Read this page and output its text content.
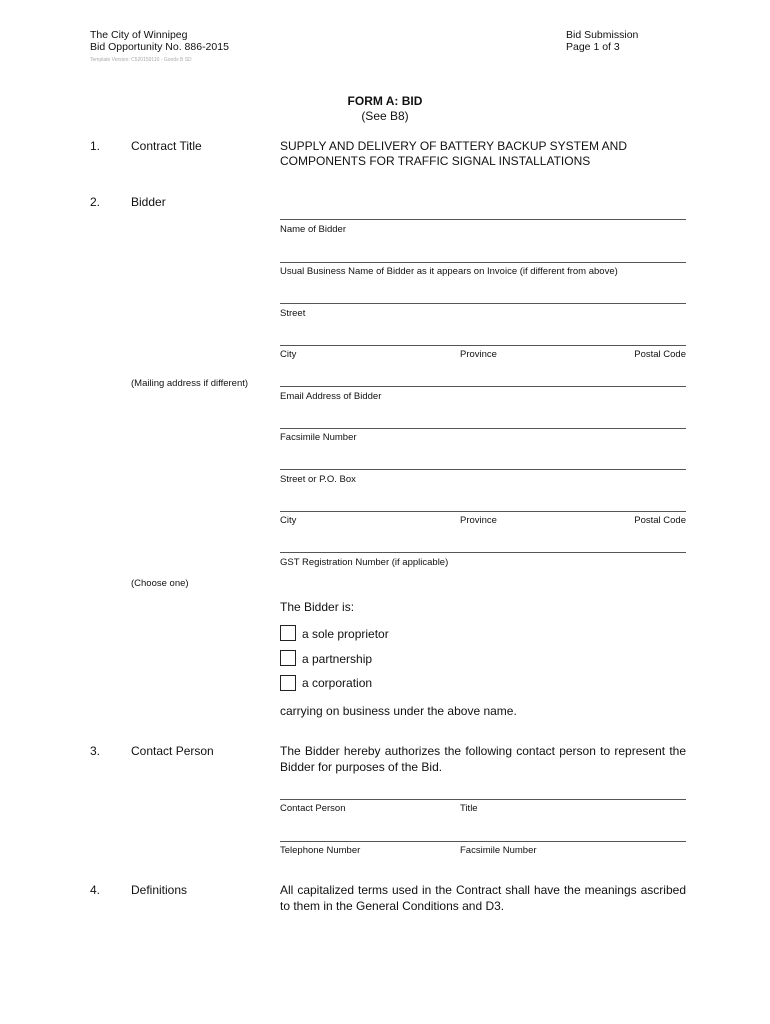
The City of Winnipeg
Bid Opportunity No. 886-2015
Template Version: C520150110 - Goods B SD
Bid Submission
Page 1 of 3
FORM A: BID
(See B8)
1.	Contract Title	SUPPLY AND DELIVERY OF BATTERY BACKUP SYSTEM AND
COMPONENTS FOR TRAFFIC SIGNAL INSTALLATIONS
2.	Bidder
Name of Bidder
Usual Business Name of Bidder as it appears on Invoice (if different from above)
Street
City	Province	Postal Code
(Mailing address if different)
Email Address of Bidder
Facsimile Number
Street or P.O. Box
City	Province	Postal Code
GST Registration Number (if applicable)
(Choose one)
The Bidder is:
a sole proprietor
a partnership
a corporation
carrying on business under the above name.
3.	Contact Person	The Bidder hereby authorizes the following contact person to represent the Bidder for purposes of the Bid.
Contact Person	Title
Telephone Number	Facsimile Number
4.	Definitions	All capitalized terms used in the Contract shall have the meanings ascribed to them in the General Conditions and D3.
